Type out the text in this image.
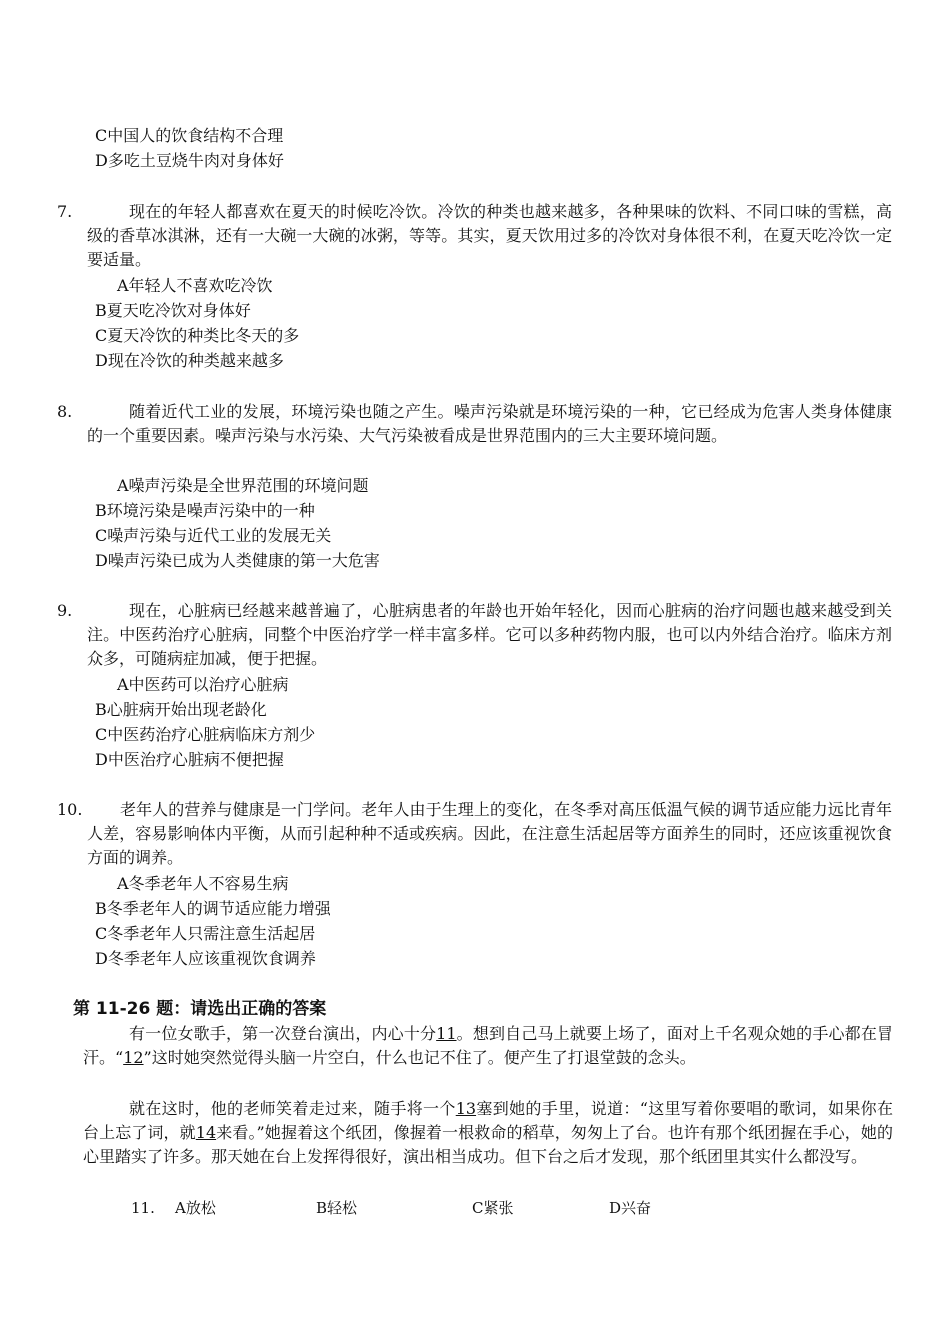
C中国人的饮食结构不合理
D多吃土豆烧牛肉对身体好
7.	现在的年轻人都喜欢在夏天的时候吃冷饮。冷饮的种类也越来越多，各种果味的饮料、不同口味的雪糕，高级的香草冰淇淋，还有一大碗一大碗的冰粥，等等。其实，夏天饮用过多的冷饮对身体很不利，在夏天吃冷饮一定要适量。
A年轻人不喜欢吃冷饮
B夏天吃冷饮对身体好
C夏天冷饮的种类比冬天的多
D现在冷饮的种类越来越多
8.	随着近代工业的发展，环境污染也随之产生。噪声污染就是环境污染的一种，它已经成为危害人类身体健康的一个重要因素。噪声污染与水污染、大气污染被看成是世界范围内的三大主要环境问题。
A噪声污染是全世界范围的环境问题
B环境污染是噪声污染中的一种
C噪声污染与近代工业的发展无关
D噪声污染已成为人类健康的第一大危害
9.	现在，心脏病已经越来越普遍了，心脏病患者的年龄也开始年轻化，因而心脏病的治疗问题也越来越受到关注。中医药治疗心脏病，同整个中医治疗学一样丰富多样。它可以多种药物内服，也可以内外结合治疗。临床方剂众多，可随病症加减，便于把握。
A中医药可以治疗心脏病
B心脏病开始出现老龄化
C中医药治疗心脏病临床方剂少
D中医治疗心脏病不便把握
10.	老年人的营养与健康是一门学问。老年人由于生理上的变化，在冬季对高压低温气候的调节适应能力远比青年人差，容易影响体内平衡，从而引起种种不适或疾病。因此，在注意生活起居等方面养生的同时，还应该重视饮食方面的调养。
A冬季老年人不容易生病
B冬季老年人的调节适应能力增强
C冬季老年人只需注意生活起居
D冬季老年人应该重视饮食调养
第 11-26 题：请选出正确的答案
有一位女歌手，第一次登台演出，内心十分11。想到自己马上就要上场了，面对上千名观众她的手心都在冒汗。“12”这时她突然觉得头脑一片空白，什么也记不住了。便产生了打退堂鼓的念头。
就在这时，他的老师笑着走过来，随手将一个13塞到她的手里，说道：“这里写着你要唱的歌词，如果你在台上忘了词，就14来看。”她握着这个纸团，像握着一根救命的稻草，匆匆上了台。也许有那个纸团握在手心，她的心里踏实了许多。那天她在台上发挥得很好，演出相当成功。但下台之后才发现，那个纸团里其实什么都没写。
11. A放松	B轻松	C紧张	D兴奋
